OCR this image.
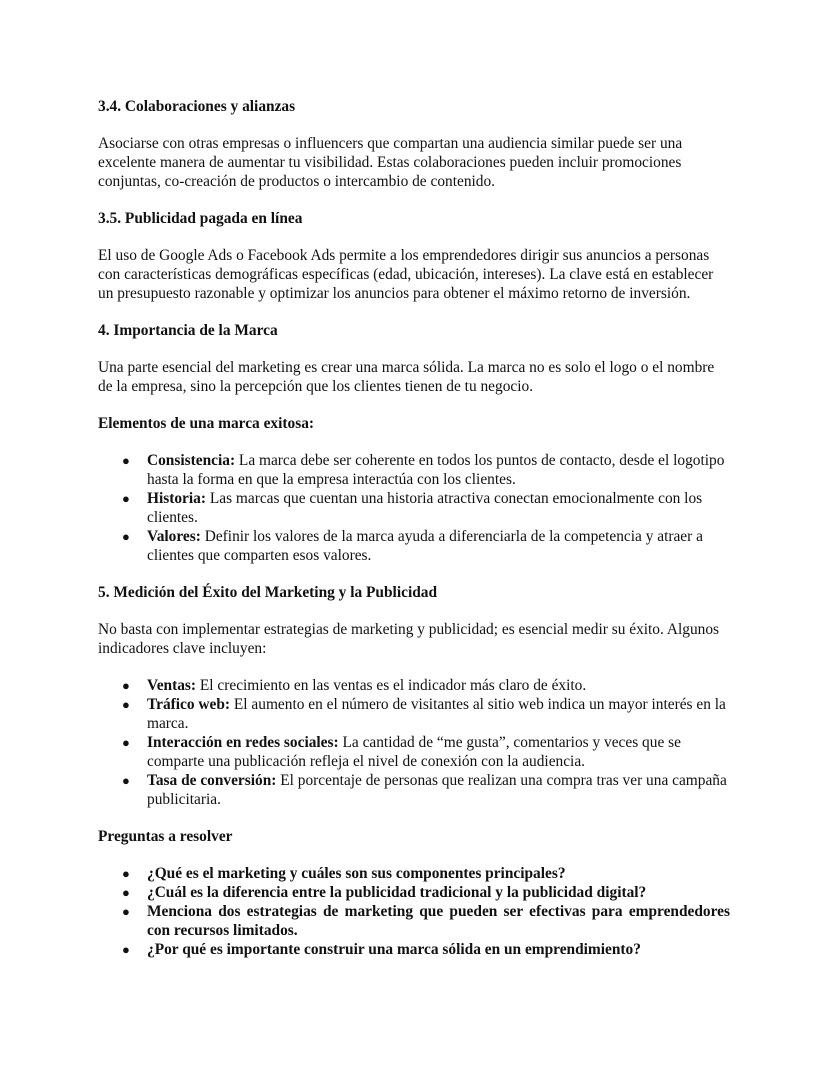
3.4. Colaboraciones y alianzas

Asociarse con otras empresas o influencers que compartan una audiencia similar puede ser una excelente manera de aumentar tu visibilidad. Estas colaboraciones pueden incluir promociones conjuntas, co-creación de productos o intercambio de contenido.

3.5. Publicidad pagada en línea

El uso de Google Ads o Facebook Ads permite a los emprendedores dirigir sus anuncios a personas con características demográficas específicas (edad, ubicación, intereses). La clave está en establecer un presupuesto razonable y optimizar los anuncios para obtener el máximo retorno de inversión.

4. Importancia de la Marca

Una parte esencial del marketing es crear una marca sólida. La marca no es solo el logo o el nombre de la empresa, sino la percepción que los clientes tienen de tu negocio.

Elementos de una marca exitosa:
● Consistencia: La marca debe ser coherente en todos los puntos de contacto, desde el logotipo hasta la forma en que la empresa interactúa con los clientes.
● Historia: Las marcas que cuentan una historia atractiva conectan emocionalmente con los clientes.
● Valores: Definir los valores de la marca ayuda a diferenciarla de la competencia y atraer a clientes que comparten esos valores.
5. Medición del Éxito del Marketing y la Publicidad

No basta con implementar estrategias de marketing y publicidad; es esencial medir su éxito. Algunos indicadores clave incluyen:

● Ventas: El crecimiento en las ventas es el indicador más claro de éxito.
● Tráfico web: El aumento en el número de visitantes al sitio web indica un mayor interés en la marca.
● Interacción en redes sociales: La cantidad de “me gusta”, comentarios y veces que se comparte una publicación refleja el nivel de conexión con la audiencia.
● Tasa de conversión: El porcentaje de personas que realizan una compra tras ver una campaña publicitaria.
Preguntas a resolver
● ¿Qué es el marketing y cuáles son sus componentes principales?
● ¿Cuál es la diferencia entre la publicidad tradicional y la publicidad digital?
● Menciona dos estrategias de marketing que pueden ser efectivas para emprendedores con recursos limitados.
● ¿Por qué es importante construir una marca sólida en un emprendimiento?
